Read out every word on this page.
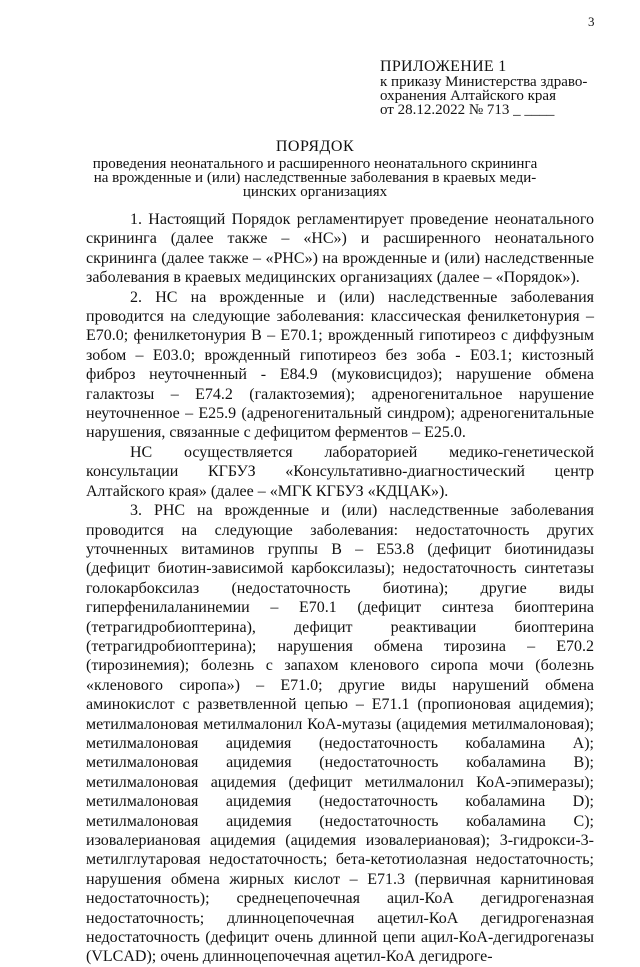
3
ПРИЛОЖЕНИЕ 1
к приказу Министерства здраво-
охранения Алтайского края
от 28.12.2022 № 713 _ ____
ПОРЯДОК
проведения неонатального и расширенного неонатального скрининга
на врожденные и (или) наследственные заболевания в краевых меди-
цинских организациях

1. Настоящий Порядок регламентирует проведение неонатального скрининга (далее также – «НС») и расширенного неонатального скрининга (далее также – «РНС») на врожденные и (или) наследственные заболевания в краевых медицинских организациях (далее – «Порядок»).

2. НС на врожденные и (или) наследственные заболевания проводится на следующие заболевания: классическая фенилкетонурия – Е70.0; фенилкетонурия В – Е70.1; врожденный гипотиреоз с диффузным зобом – Е03.0; врожденный гипотиреоз без зоба - Е03.1; кистозный фиброз неуточненный - Е84.9 (муковисцидоз); нарушение обмена галактозы – Е74.2 (галактоземия); адреногенитальное нарушение неуточненное – Е25.9 (адреногенитальный синдром); адреногенитальные нарушения, связанные с дефицитом ферментов – Е25.0.

НС осуществляется лабораторией медико-генетической консультации КГБУЗ «Консультативно-диагностический центр Алтайского края» (далее – «МГК КГБУЗ «КДЦАК»).

3. РНС на врожденные и (или) наследственные заболевания проводится на следующие заболевания: недостаточность других уточненных витаминов группы В – Е53.8 (дефицит биотинидазы (дефицит биотин-зависимой карбоксилазы); недостаточность синтетазы голокарбоксилаз (недостаточность биотина); другие виды гиперфенилаланинемии – Е70.1 (дефицит синтеза биоптерина (тетрагидробиоптерина), дефицит реактивации биоптерина (тетрагидробиоптерина); нарушения обмена тирозина – Е70.2 (тирозинемия); болезнь с запахом кленового сиропа мочи (болезнь «кленового сиропа») – Е71.0; другие виды нарушений обмена аминокислот с разветвленной цепью – Е71.1 (пропионовая ацидемия); метилмалоновая метилмалонил КоА-мутазы (ацидемия метилмалоновая); метилмалоновая ацидемия (недостаточность кобаламина А); метилмалоновая ацидемия (недостаточность кобаламина В); метилмалоновая ацидемия (дефицит метилмалонил КоА-эпимеразы); метилмалоновая ацидемия (недостаточность кобаламина D); метилмалоновая ацидемия (недостаточность кобаламина С); изовалериановая ацидемия (ацидемия изовалериановая); 3-гидрокси-3-метилглутаровая недостаточность; бета-кетотиолазная недостаточность; нарушения обмена жирных кислот – Е71.3 (первичная карнитиновая недостаточность); среднецепочечная ацил-КоА дегидрогеназная недостаточность; длинноцепочечная ацетил-КоА дегидрогеназная недостаточность (дефицит очень длинной цепи ацил-КоА-дегидрогеназы (VLCAD); очень длинноцепочечная ацетил-КоА дегидроге-
